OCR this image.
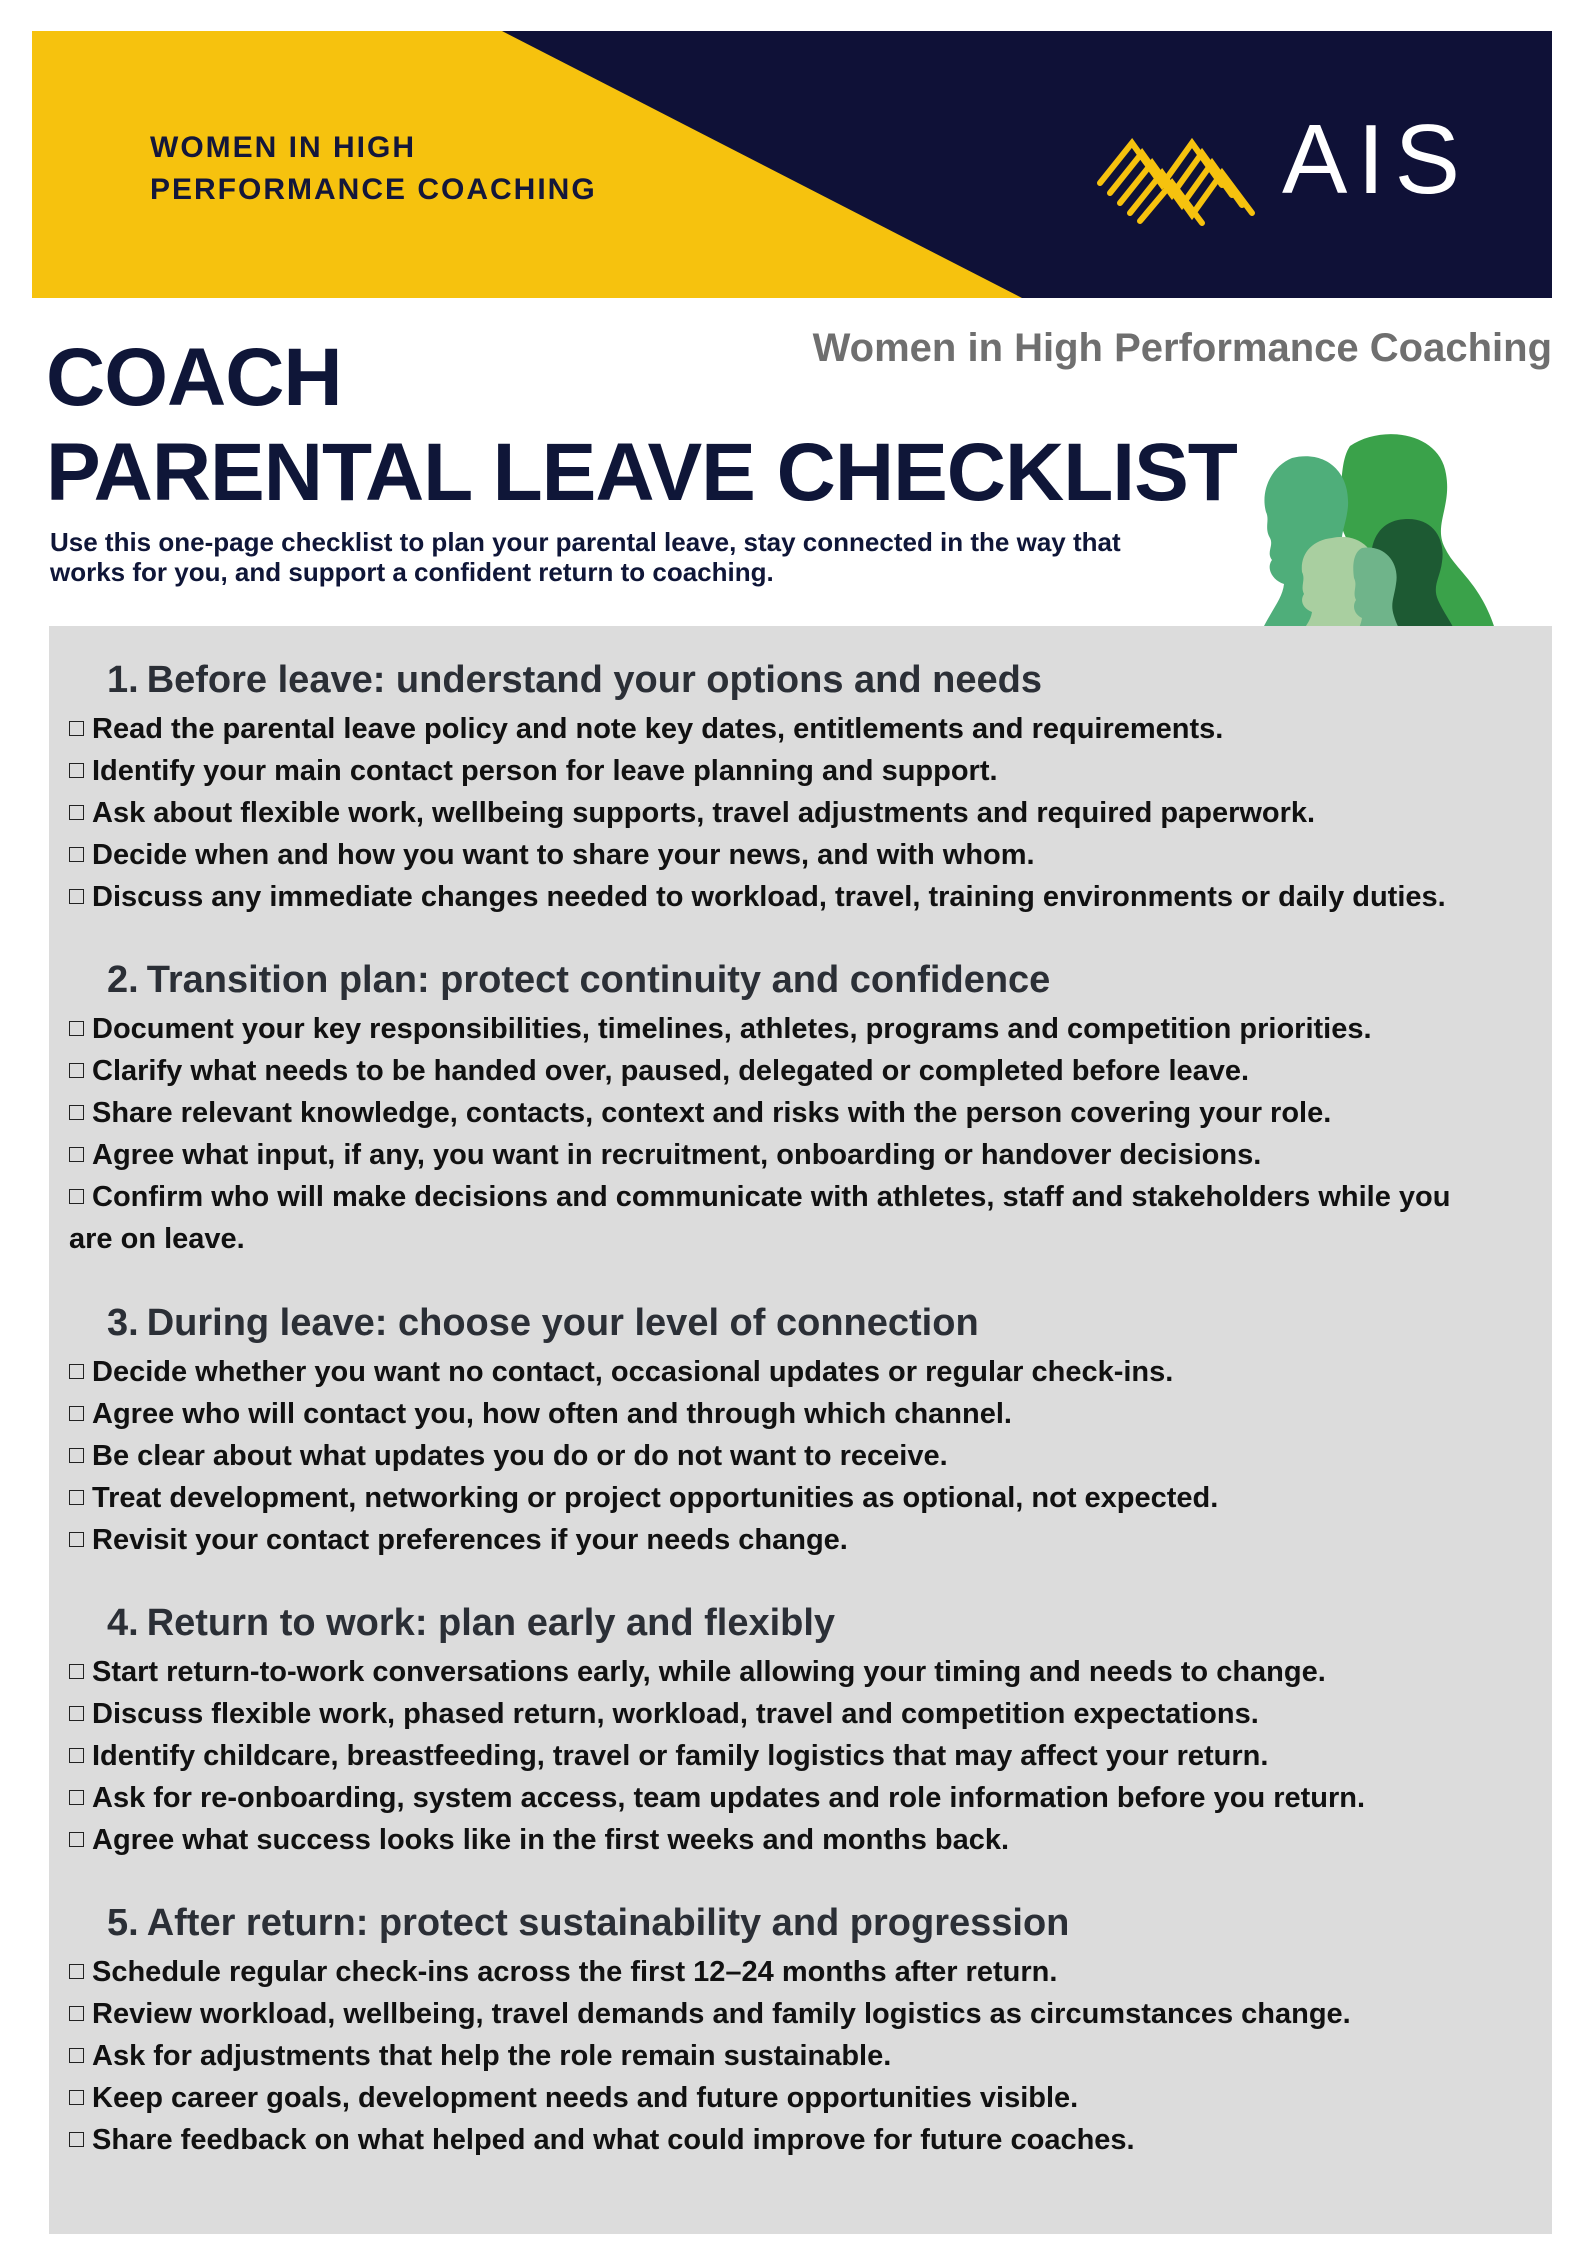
WOMEN IN HIGH
PERFORMANCE COACHING	AIS
Women in High Performance Coaching
COACH
PARENTAL LEAVE CHECKLIST
Use this one-page checklist to plan your parental leave, stay connected in the way that works for you, and support a confident return to coaching.
1. Before leave: understand your options and needs
Read the parental leave policy and note key dates, entitlements and requirements.
Identify your main contact person for leave planning and support.
Ask about flexible work, wellbeing supports, travel adjustments and required paperwork.
Decide when and how you want to share your news, and with whom.
Discuss any immediate changes needed to workload, travel, training environments or daily duties.
2. Transition plan: protect continuity and confidence
Document your key responsibilities, timelines, athletes, programs and competition priorities.
Clarify what needs to be handed over, paused, delegated or completed before leave.
Share relevant knowledge, contacts, context and risks with the person covering your role.
Agree what input, if any, you want in recruitment, onboarding or handover decisions.
Confirm who will make decisions and communicate with athletes, staff and stakeholders while you are on leave.
3. During leave: choose your level of connection
Decide whether you want no contact, occasional updates or regular check-ins.
Agree who will contact you, how often and through which channel.
Be clear about what updates you do or do not want to receive.
Treat development, networking or project opportunities as optional, not expected.
Revisit your contact preferences if your needs change.
4. Return to work: plan early and flexibly
Start return-to-work conversations early, while allowing your timing and needs to change.
Discuss flexible work, phased return, workload, travel and competition expectations.
Identify childcare, breastfeeding, travel or family logistics that may affect your return.
Ask for re-onboarding, system access, team updates and role information before you return.
Agree what success looks like in the first weeks and months back.
5. After return: protect sustainability and progression
Schedule regular check-ins across the first 12–24 months after return.
Review workload, wellbeing, travel demands and family logistics as circumstances change.
Ask for adjustments that help the role remain sustainable.
Keep career goals, development needs and future opportunities visible.
Share feedback on what helped and what could improve for future coaches.
